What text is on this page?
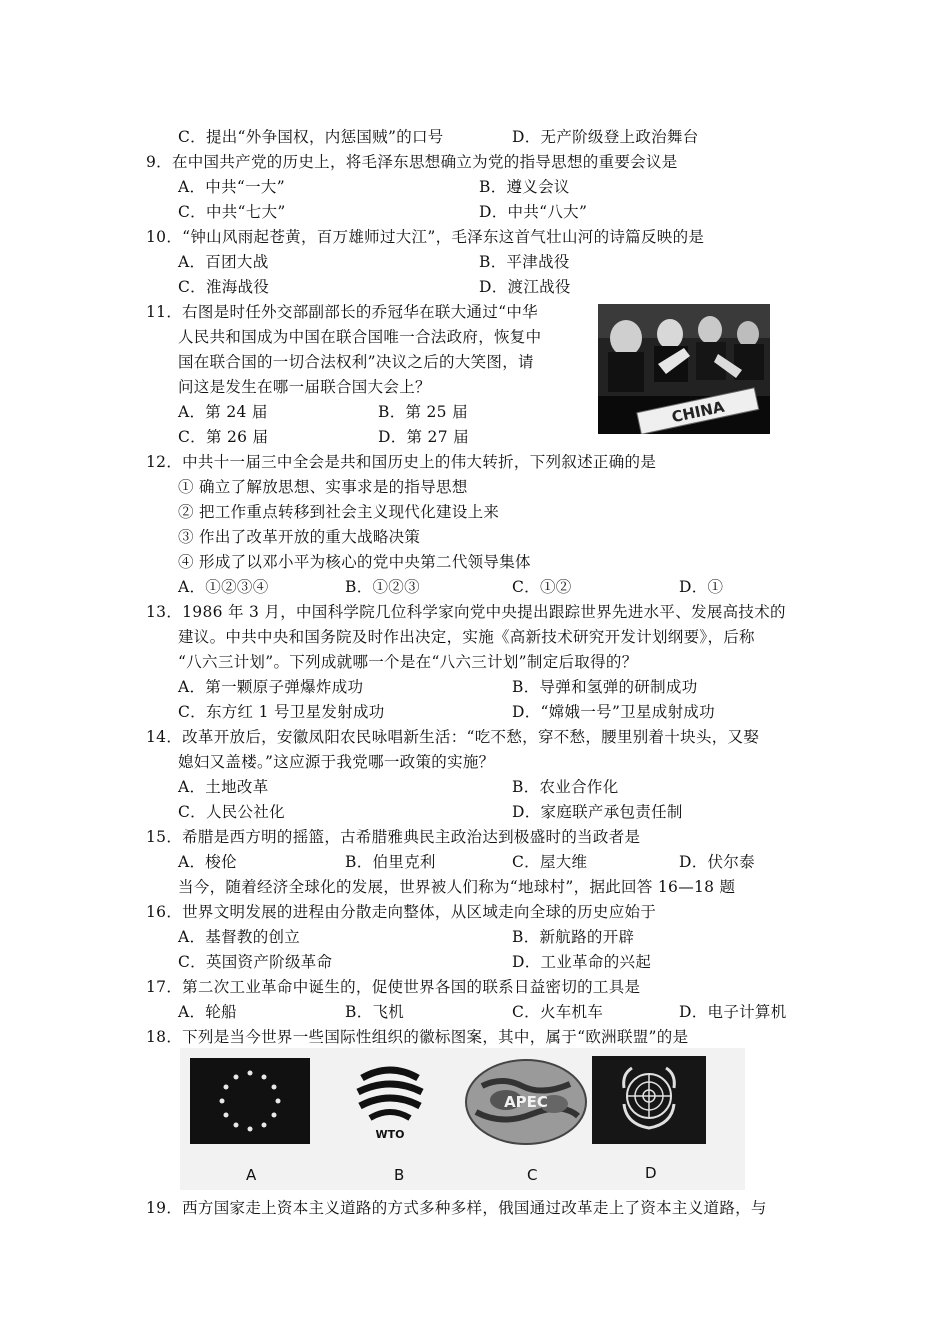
C．提出“外争国权，内惩国贼”的口号	D．无产阶级登上政治舞台
9．在中国共产党的历史上，将毛泽东思想确立为党的指导思想的重要会议是
A．中共“一大”	B．遵义会议
C．中共“七大”	D．中共“八大”
10．“钟山风雨起苍黄，百万雄师过大江”，毛泽东这首气壮山河的诗篇反映的是
A．百团大战	B．平津战役
C．淮海战役	D．渡江战役
11．右图是时任外交部副部长的乔冠华在联大通过“中华
人民共和国成为中国在联合国唯一合法政府，恢复中
国在联合国的一切合法权利”决议之后的大笑图，请
问这是发生在哪一届联合国大会上？
A．第 24 届	B．第 25 届
C．第 26 届	D．第 27 届
CHINA
12．中共十一届三中全会是共和国历史上的伟大转折，下列叙述正确的是
① 确立了解放思想、实事求是的指导思想
② 把工作重点转移到社会主义现代化建设上来
③ 作出了改革开放的重大战略决策
④ 形成了以邓小平为核心的党中央第二代领导集体
A．①②③④	B．①②③	C．①②	D．①
13．1986 年 3 月，中国科学院几位科学家向党中央提出跟踪世界先进水平、发展高技术的
建议。中共中央和国务院及时作出决定，实施《高新技术研究开发计划纲要》，后称
“八六三计划”。下列成就哪一个是在“八六三计划”制定后取得的？
A．第一颗原子弹爆炸成功	B．导弹和氢弹的研制成功
C．东方红 1 号卫星发射成功	D．“嫦娥一号”卫星成射成功
14．改革开放后，安徽凤阳农民咏唱新生活：“吃不愁，穿不愁，腰里别着十块头，又娶
媳妇又盖楼。”这应源于我党哪一政策的实施？
A．土地改革	B．农业合作化
C．人民公社化	D．家庭联产承包责任制
15．希腊是西方明的摇篮，古希腊雅典民主政治达到极盛时的当政者是
A．梭伦	B．伯里克利	C．屋大维	D．伏尔泰
当今，随着经济全球化的发展，世界被人们称为“地球村”，据此回答 16—18 题
16．世界文明发展的进程由分散走向整体，从区域走向全球的历史应始于
A．基督教的创立	B．新航路的开辟
C．英国资产阶级革命	D．工业革命的兴起
17．第二次工业革命中诞生的，促使世界各国的联系日益密切的工具是
A．轮船	B．飞机	C．火车机车	D．电子计算机
18．下列是当今世界一些国际性组织的徽标图案，其中，属于“欧洲联盟”的是
WTO
APEC
A	B	C	D
19．西方国家走上资本主义道路的方式多种多样，俄国通过改革走上了资本主义道路，与
